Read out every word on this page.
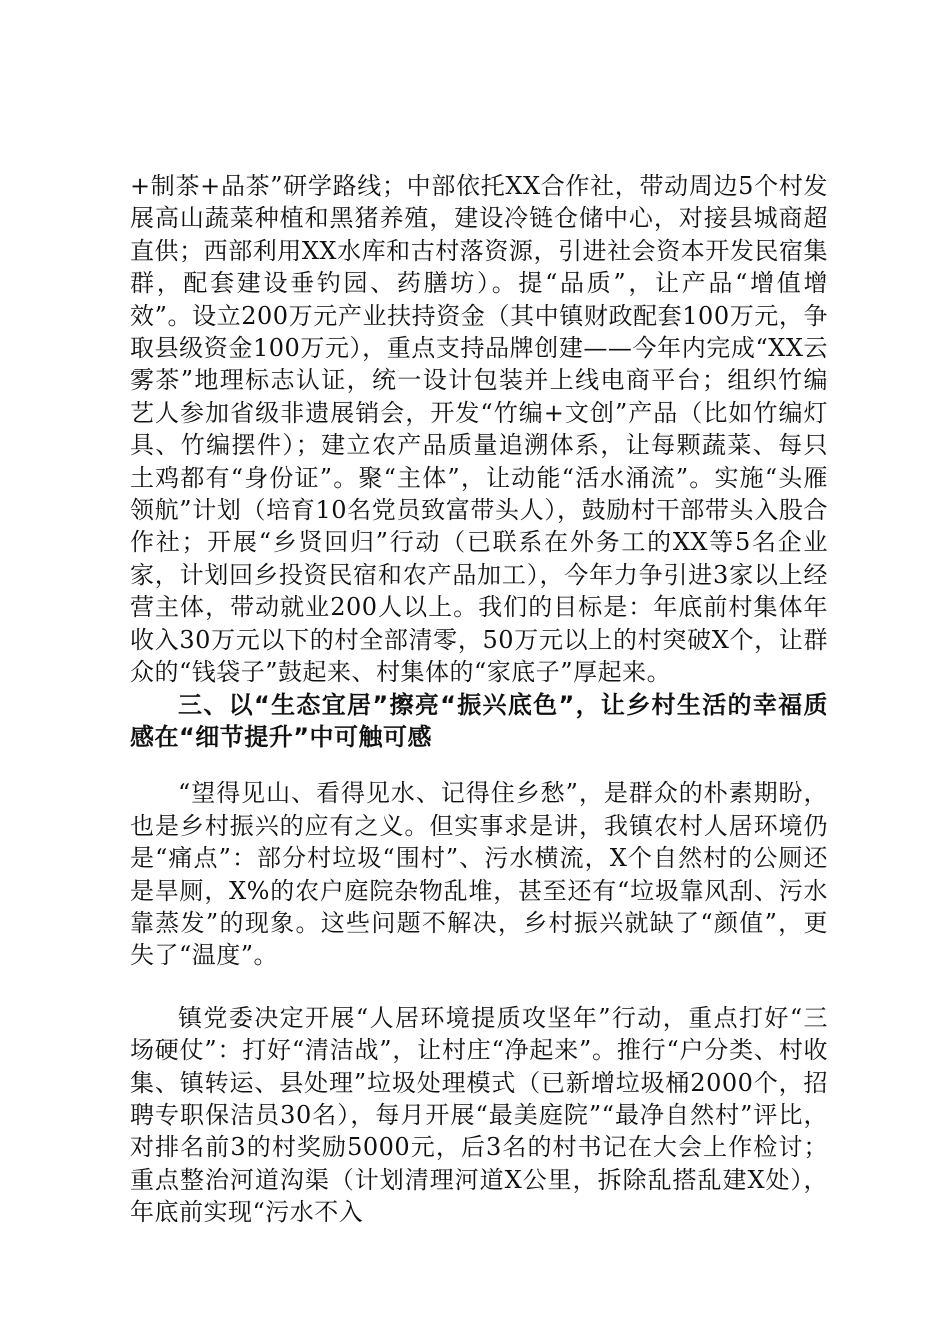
+制茶+品茶”研学路线；中部依托XX合作社，带动周边5个村发展高山蔬菜种植和黑猪养殖，建设冷链仓储中心，对接县城商超直供；西部利用XX水库和古村落资源，引进社会资本开发民宿集群，配套建设垂钓园、药膳坊）。提“品质”，让产品“增值增效”。设立200万元产业扶持资金（其中镇财政配套100万元，争取县级资金100万元），重点支持品牌创建——今年内完成“XX云雾茶”地理标志认证，统一设计包装并上线电商平台；组织竹编艺人参加省级非遗展销会，开发“竹编+文创”产品（比如竹编灯具、竹编摆件）；建立农产品质量追溯体系，让每颗蔬菜、每只土鸡都有“身份证”。聚“主体”，让动能“活水涌流”。实施“头雁领航”计划（培育10名党员致富带头人），鼓励村干部带头入股合作社；开展“乡贤回归”行动（已联系在外务工的XX等5名企业家，计划回乡投资民宿和农产品加工），今年力争引进3家以上经营主体，带动就业200人以上。我们的目标是：年底前村集体年收入30万元以下的村全部清零，50万元以上的村突破X个，让群众的“钱袋子”鼓起来、村集体的“家底子”厚起来。

三、以“生态宜居”擦亮“振兴底色”，让乡村生活的幸福质感在“细节提升”中可触可感

“望得见山、看得见水、记得住乡愁”，是群众的朴素期盼，也是乡村振兴的应有之义。但实事求是讲，我镇农村人居环境仍是“痛点”：部分村垃圾“围村”、污水横流，X个自然村的公厕还是旱厕，X%的农户庭院杂物乱堆，甚至还有“垃圾靠风刮、污水靠蒸发”的现象。这些问题不解决，乡村振兴就缺了“颜值”，更失了“温度”。

镇党委决定开展“人居环境提质攻坚年”行动，重点打好“三场硬仗”：打好“清洁战”，让村庄“净起来”。推行“户分类、村收集、镇转运、县处理”垃圾处理模式（已新增垃圾桶2000个，招聘专职保洁员30名），每月开展“最美庭院”“最净自然村”评比，对排名前3的村奖励5000元，后3名的村书记在大会上作检讨；重点整治河道沟渠（计划清理河道X公里，拆除乱搭乱建X处），年底前实现“污水不入
